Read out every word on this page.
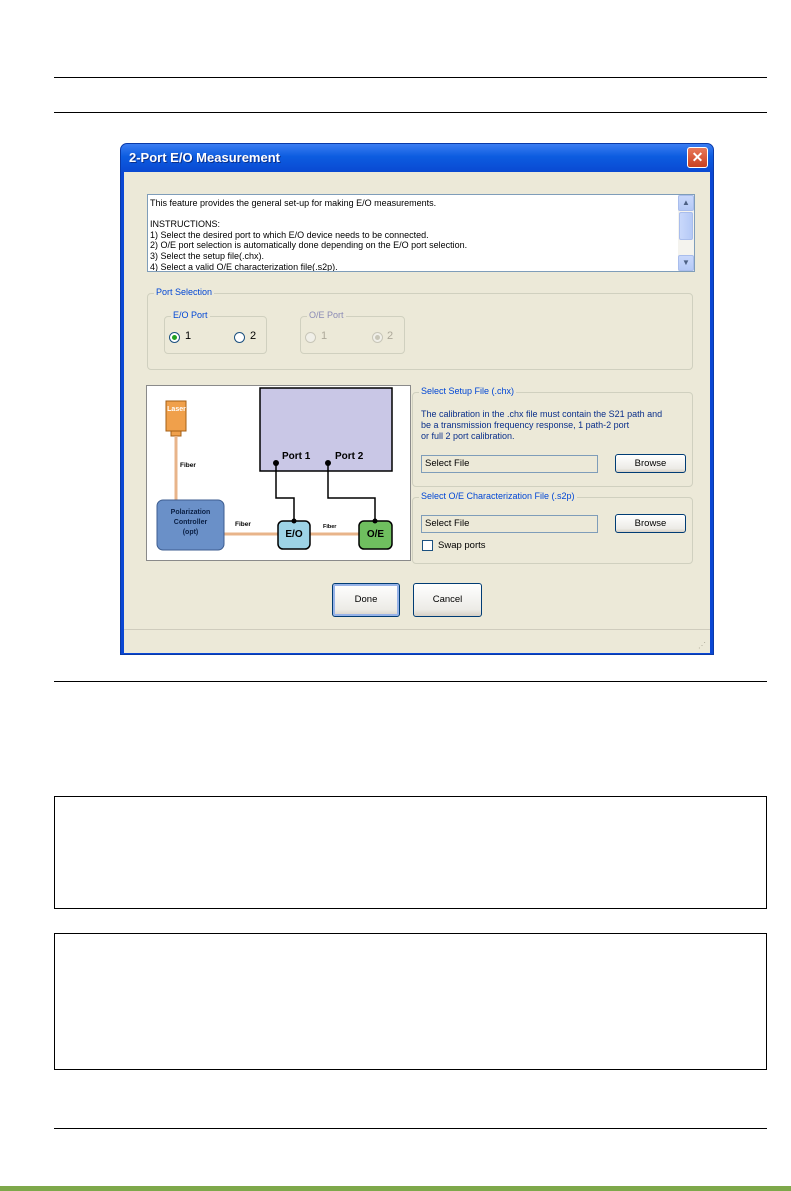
2-Port E/O Measurement	✕
This feature provides the general set-up for making E/O measurements.
INSTRUCTIONS:
1) Select the desired port to which E/O device needs to be connected.
2) O/E port selection is automatically done depending on the E/O port selection.
3) Select the setup file(.chx).
4) Select a valid O/E characterization file(.s2p).
▲
▼
Port Selection
E/O Port
1	2
O/E Port
1	2
Laser
Fiber
Fiber	Fiber
Polarization
Controller
(opt)
Port 1 Port 2
E/O	O/E
Select Setup File (.chx)
The calibration in the .chx file must contain the S21 path and
be a transmission frequency response, 1 path-2 port
or full 2 port calibration.
Select File	Browse
Select O/E Characterization File (.s2p)
Select File	Browse
Swap ports
Done	Cancel
⋰
